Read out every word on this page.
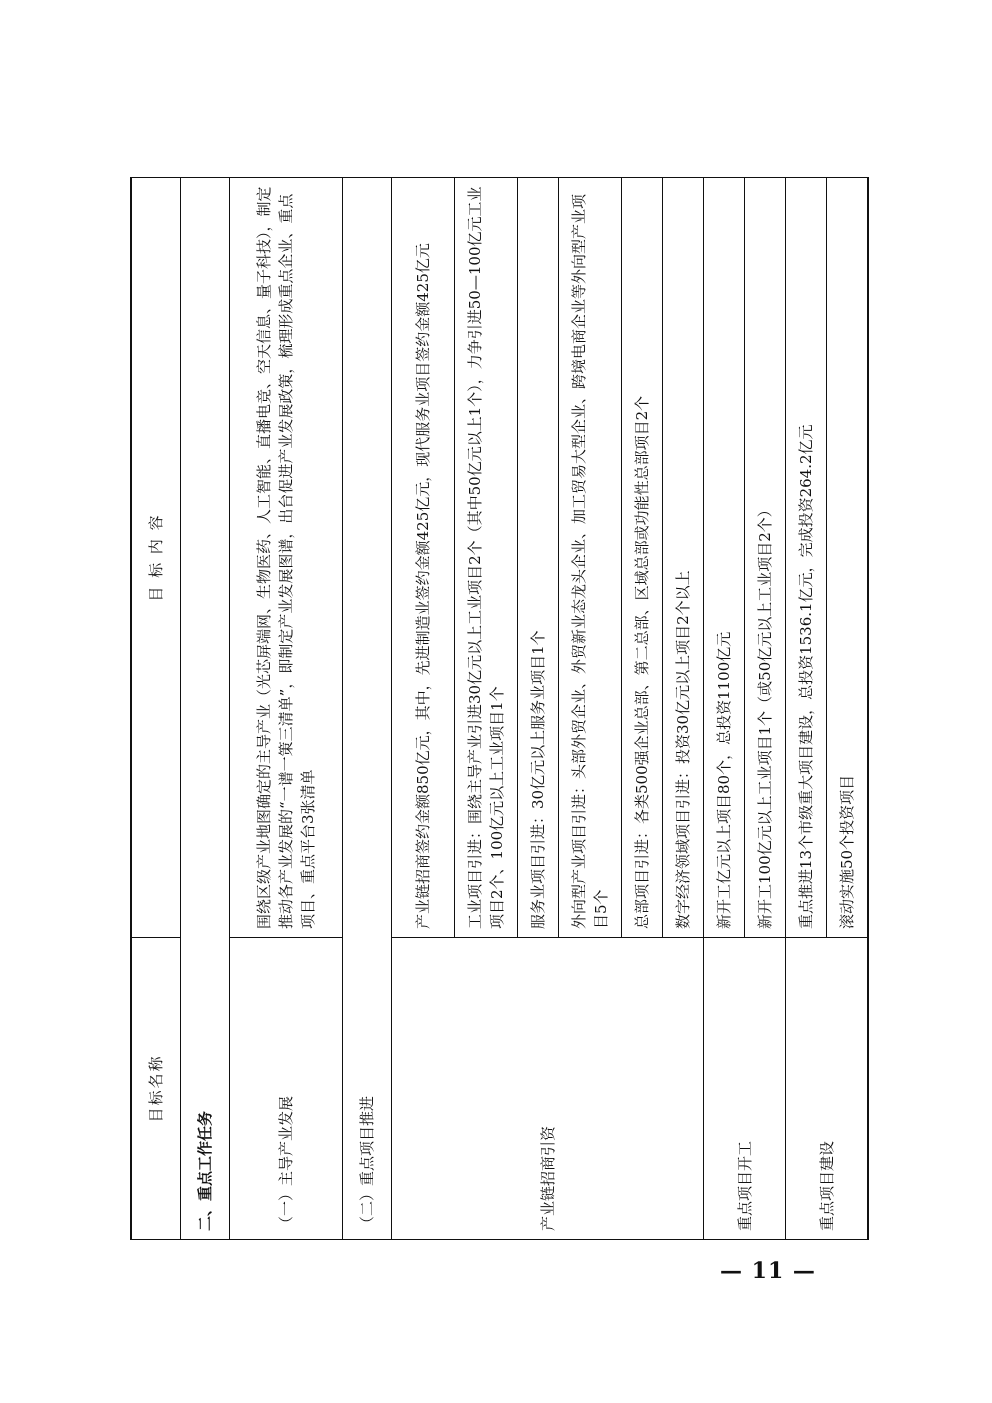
目标名称	目 标 内 容
二、重点工作任务	
（一）主导产业发展	围绕区级产业地图确定的主导产业（光芯屏端网、生物医药、人工智能、直播电竞、空天信息、量子科技），制定推动各产业发展的“一谱一策三清单”，即制定产业发展图谱，出台促进产业发展政策，梳理形成重点企业、重点项目、重点平台3张清单
（二）重点项目推进	
产业链招商引资	产业链招商签约金额850亿元，其中，先进制造业签约金额425亿元，现代服务业项目签约金额425亿元
	工业项目引进：围绕主导产业引进30亿元以上工业项目2个（其中50亿元以上1个），力争引进50—100亿元工业项目2个、100亿元以上工业项目1个
	服务业项目引进：30亿元以上服务业项目1个
	外向型产业项目引进：头部外贸企业、外贸新业态龙头企业、加工贸易大型企业、跨境电商企业等外向型产业项目5个
	总部项目引进：各类500强企业总部、第二总部、区域总部或功能性总部项目2个
	数字经济领域项目引进：投资30亿元以上项目2个以上
重点项目开工	新开工亿元以上项目80个，总投资1100亿元
	新开工100亿元以上工业项目1个（或50亿元以上工业项目2个）
重点项目建设	重点推进13个市级重大项目建设，总投资1536.1亿元，完成投资264.2亿元
	滚动实施50个投资项目
— 11 —
